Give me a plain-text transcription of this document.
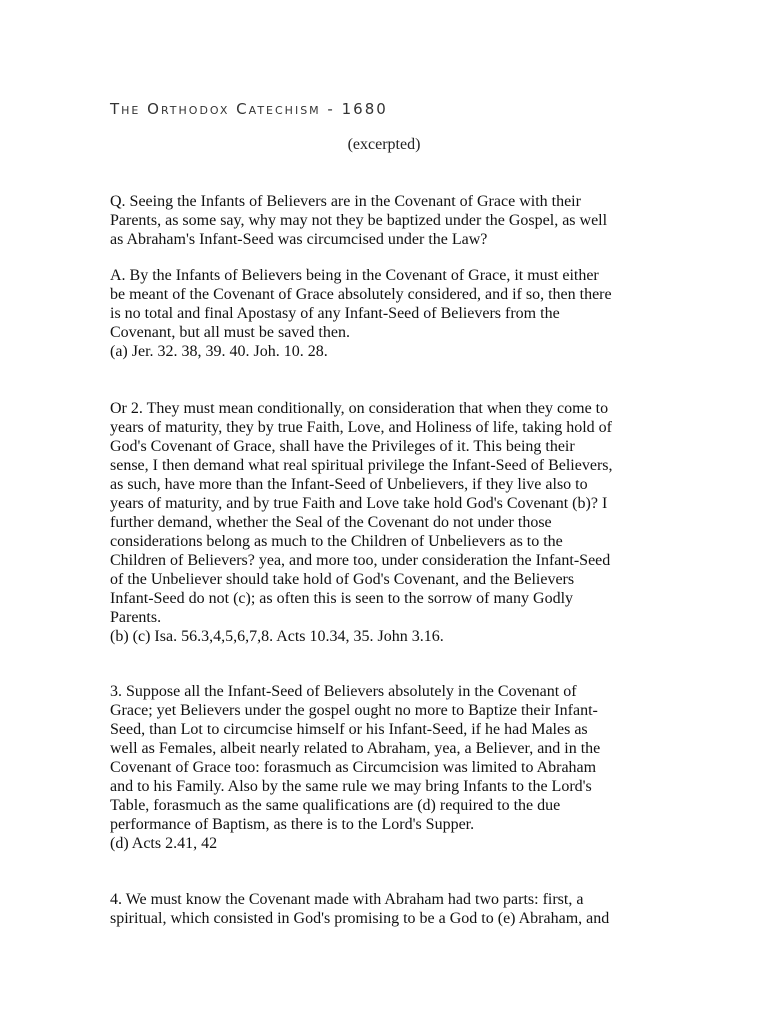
The Orthodox Catechism - 1680
(excerpted)
Q. Seeing the Infants of Believers are in the Covenant of Grace with their
Parents, as some say, why may not they be baptized under the Gospel, as well
as Abraham's Infant-Seed was circumcised under the Law?
A. By the Infants of Believers being in the Covenant of Grace, it must either
be meant of the Covenant of Grace absolutely considered, and if so, then there
is no total and final Apostasy of any Infant-Seed of Believers from the
Covenant, but all must be saved then.
(a) Jer. 32. 38, 39. 40. Joh. 10. 28.
Or 2. They must mean conditionally, on consideration that when they come to
years of maturity, they by true Faith, Love, and Holiness of life, taking hold of
God's Covenant of Grace, shall have the Privileges of it. This being their
sense, I then demand what real spiritual privilege the Infant-Seed of Believers,
as such, have more than the Infant-Seed of Unbelievers, if they live also to
years of maturity, and by true Faith and Love take hold God's Covenant (b)? I
further demand, whether the Seal of the Covenant do not under those
considerations belong as much to the Children of Unbelievers as to the
Children of Believers? yea, and more too, under consideration the Infant-Seed
of the Unbeliever should take hold of God's Covenant, and the Believers
Infant-Seed do not (c); as often this is seen to the sorrow of many Godly
Parents.
(b) (c) Isa. 56.3,4,5,6,7,8. Acts 10.34, 35. John 3.16.
3. Suppose all the Infant-Seed of Believers absolutely in the Covenant of
Grace; yet Believers under the gospel ought no more to Baptize their Infant-
Seed, than Lot to circumcise himself or his Infant-Seed, if he had Males as
well as Females, albeit nearly related to Abraham, yea, a Believer, and in the
Covenant of Grace too: forasmuch as Circumcision was limited to Abraham
and to his Family. Also by the same rule we may bring Infants to the Lord's
Table, forasmuch as the same qualifications are (d) required to the due
performance of Baptism, as there is to the Lord's Supper.
(d) Acts 2.41, 42
4. We must know the Covenant made with Abraham had two parts: first, a
spiritual, which consisted in God's promising to be a God to (e) Abraham, and
